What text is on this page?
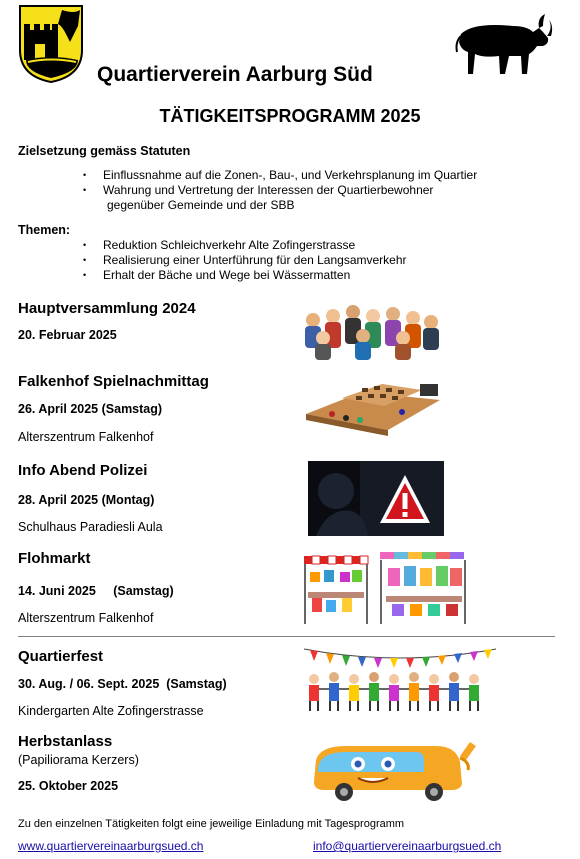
Quartierverein Aarburg Süd
TÄTIGKEITSPROGRAMM 2025
Zielsetzung gemäss Statuten
• Einflussnahme auf die Zonen-, Bau-, und Verkehrsplanung im Quartier
• Wahrung und Vertretung der Interessen der Quartierbewohner
gegenüber Gemeinde und der SBB
Themen:
• Reduktion Schleichverkehr Alte Zofingerstrasse
• Realisierung einer Unterführung für den Langsamverkehr
• Erhalt der Bäche und Wege bei Wässermatten
Hauptversammlung 2024
20. Februar 2025
Falkenhof Spielnachmittag
26. April 2025 (Samstag)
Alterszentrum Falkenhof
Info Abend Polizei
28. April 2025 (Montag)
Schulhaus Paradiesli Aula
Flohmarkt
14. Juni 2025     (Samstag)
Alterszentrum Falkenhof
Quartierfest
30. Aug. / 06. Sept. 2025  (Samstag)
Kindergarten Alte Zofingerstrasse
Herbstanlass
(Papiliorama Kerzers)
25. Oktober 2025
Zu den einzelnen Tätigkeiten folgt eine jeweilige Einladung mit Tagesprogramm
www.quartiervereinaarburgsued.ch	info@quartiervereinaarburgsued.ch
